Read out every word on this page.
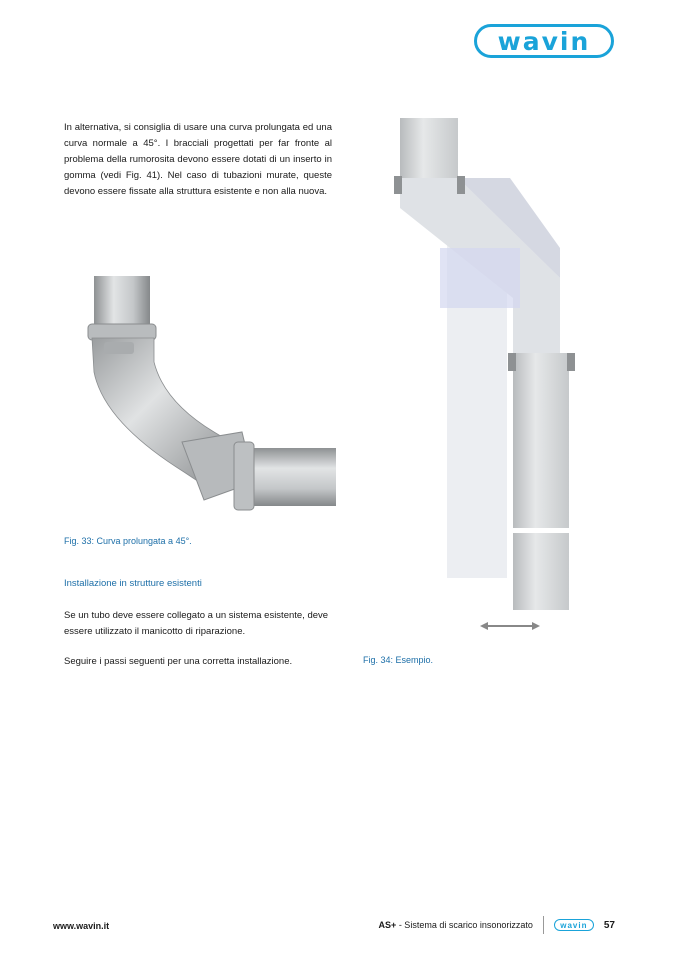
wavin

In alternativa, si consiglia di usare una curva prolungata ed una curva normale a 45°. I bracciali progettati per far fronte al problema della rumorosita devono essere dotati di un inserto in gomma (vedi Fig. 41). Nel caso di tubazioni murate, queste devono essere fissate alla struttura esistente e non alla nuova.

Fig. 33: Curva prolungata a 45°.

Fig. 34: Esempio.

Installazione in strutture esistenti

Se un tubo deve essere collegato a un sistema esistente, deve essere utilizzato il manicotto di riparazione.

Seguire i passi seguenti per una corretta installazione.

www.wavin.it	AS+ - Sistema di scarico insonorizzato	wavin	57
